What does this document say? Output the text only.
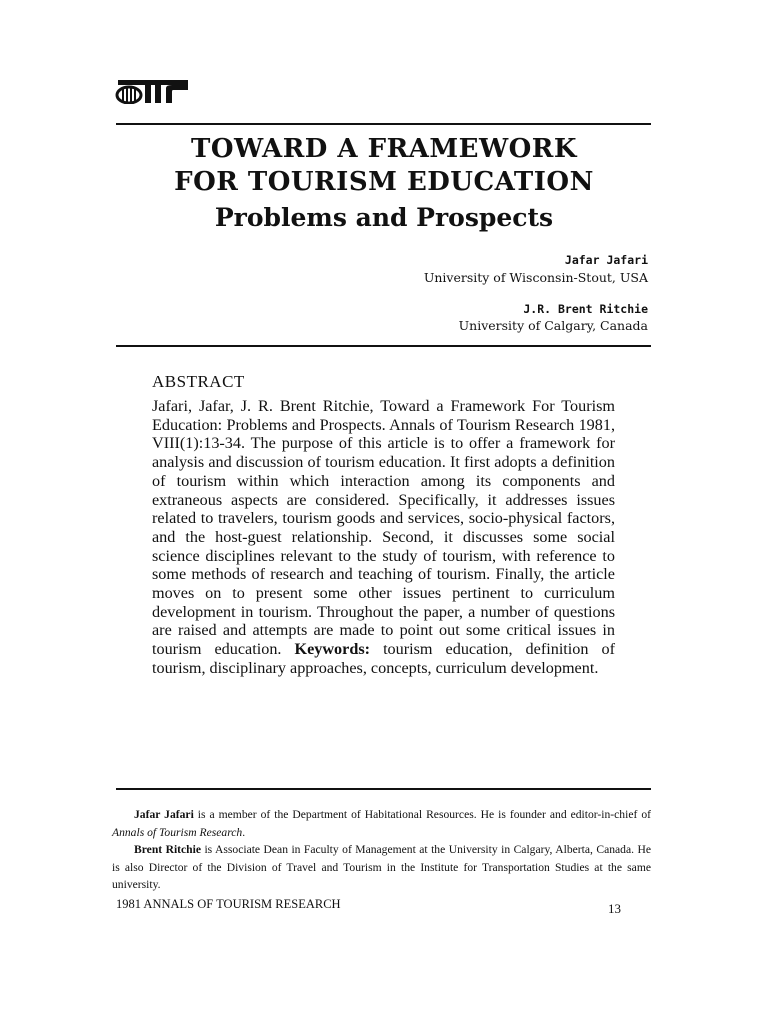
TOWARD A FRAMEWORK
FOR TOURISM EDUCATION
Problems and Prospects
Jafar Jafari
University of Wisconsin-Stout, USA
J.R. Brent Ritchie
University of Calgary, Canada
ABSTRACT

Jafari, Jafar, J. R. Brent Ritchie, Toward a Framework For Tourism Education: Problems and Prospects. Annals of Tourism Research 1981, VIII(1):13-34. The purpose of this article is to offer a framework for analysis and discussion of tourism education. It first adopts a definition of tourism within which interaction among its components and extraneous aspects are considered. Specifically, it addresses issues related to travelers, tourism goods and services, socio-physical factors, and the host-guest relationship. Second, it discusses some social science disciplines relevant to the study of tourism, with reference to some methods of research and teaching of tourism. Finally, the article moves on to present some other issues pertinent to curriculum development in tourism. Throughout the paper, a number of questions are raised and attempts are made to point out some critical issues in tourism education. Keywords: tourism education, definition of tourism, disciplinary approaches, concepts, curriculum development.

Jafar Jafari is a member of the Department of Habitational Resources. He is founder and editor-in-chief of Annals of Tourism Research.

Brent Ritchie is Associate Dean in Faculty of Management at the University in Calgary, Alberta, Canada. He is also Director of the Division of Travel and Tourism in the Institute for Transportation Studies at the same university.

1981 ANNALS OF TOURISM RESEARCH	13
